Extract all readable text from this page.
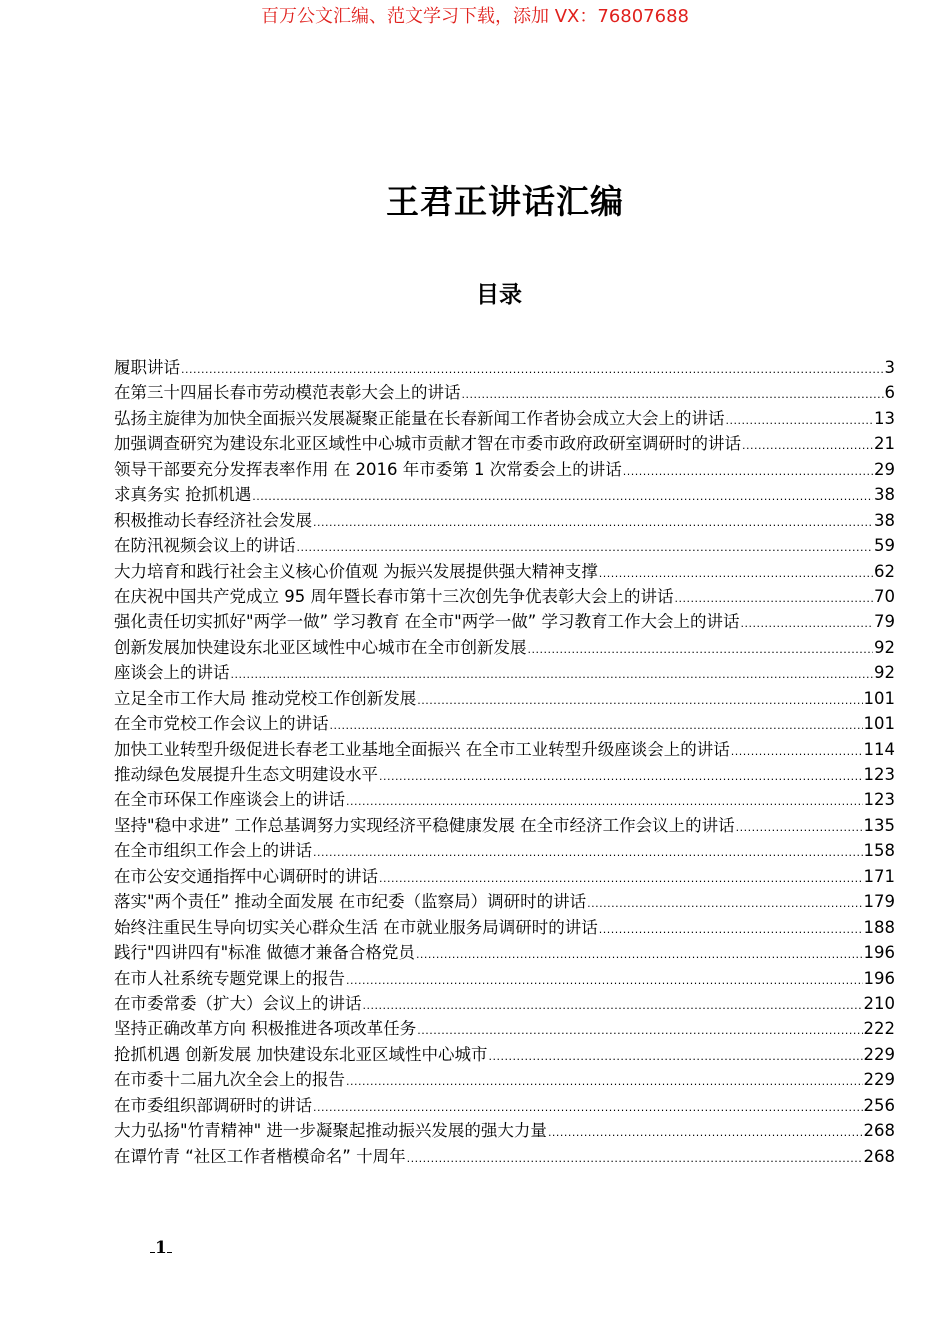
百万公文汇编、范文学习下载，添加 VX：76807688
王君正讲话汇编
目录
履职讲话 .....	3
在第三十四届长春市劳动模范表彰大会上的讲话 .....	6
弘扬主旋律为加快全面振兴发展凝聚正能量在长春新闻工作者协会成立大会上的讲话 .....	13
加强调查研究为建设东北亚区域性中心城市贡献才智在市委市政府政研室调研时的讲话 .....	21
领导干部要充分发挥表率作用 在 2016 年市委第 1 次常委会上的讲话 .....	29
求真务实 抢抓机遇 .....	38
积极推动长春经济社会发展 .....	38
在防汛视频会议上的讲话 .....	59
大力培育和践行社会主义核心价值观 为振兴发展提供强大精神支撑 .....	62
在庆祝中国共产党成立 95 周年暨长春市第十三次创先争优表彰大会上的讲话 .....	70
强化责任切实抓好"两学一做” 学习教育 在全市"两学一做” 学习教育工作大会上的讲话 .....	79
创新发展加快建设东北亚区域性中心城市在全市创新发展 .....	92
座谈会上的讲话 .....	92
立足全市工作大局 推动党校工作创新发展 .....	101
在全市党校工作会议上的讲话 .....	101
加快工业转型升级促进长春老工业基地全面振兴 在全市工业转型升级座谈会上的讲话 .....	114
推动绿色发展提升生态文明建设水平 .....	123
在全市环保工作座谈会上的讲话 .....	123
坚持"稳中求进” 工作总基调努力实现经济平稳健康发展 在全市经济工作会议上的讲话 .....	135
在全市组织工作会上的讲话 .....	158
在市公安交通指挥中心调研时的讲话 .....	171
落实"两个责任” 推动全面发展 在市纪委（监察局）调研时的讲话 .....	179
始终注重民生导向切实关心群众生活 在市就业服务局调研时的讲话 .....	188
践行"四讲四有"标准 做德才兼备合格党员 .....	196
在市人社系统专题党课上的报告 .....	196
在市委常委（扩大）会议上的讲话 .....	210
坚持正确改革方向 积极推进各项改革任务 .....	222
抢抓机遇 创新发展 加快建设东北亚区域性中心城市 .....	229
在市委十二届九次全会上的报告 .....	229
在市委组织部调研时的讲话 .....	256
大力弘扬"竹青精神" 进一步凝聚起推动振兴发展的强大力量 .....	268
在谭竹青 “社区工作者楷模命名” 十周年 .....	268
1
